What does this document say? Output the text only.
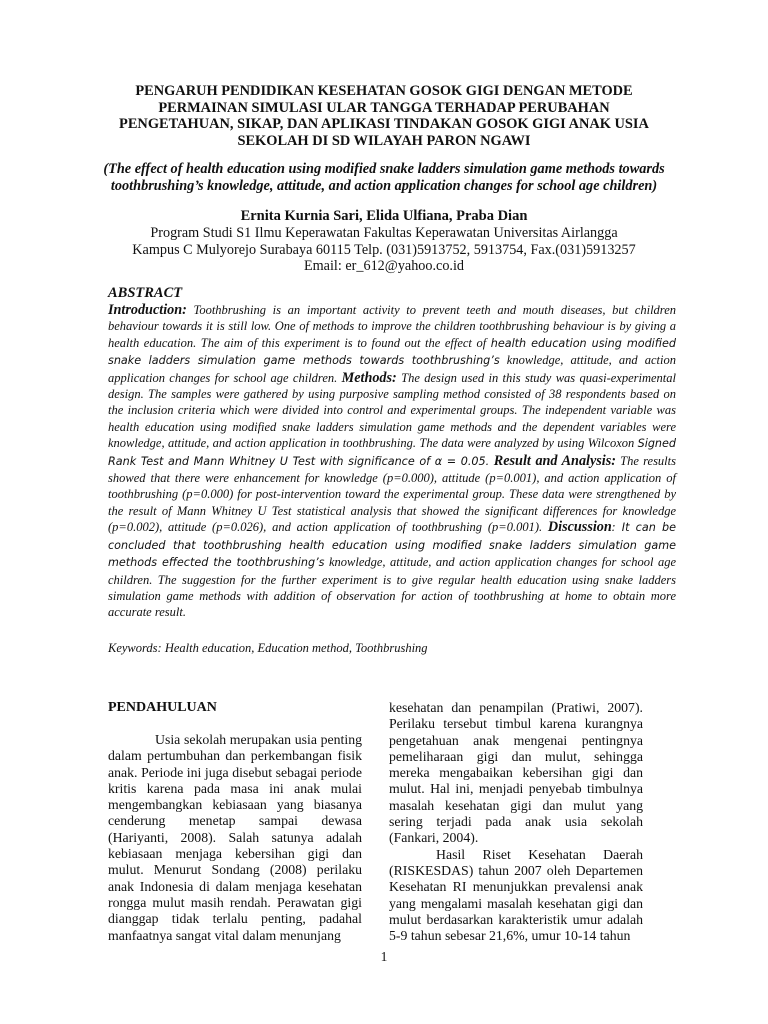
PENGARUH PENDIDIKAN KESEHATAN GOSOK GIGI DENGAN METODE PERMAINAN SIMULASI ULAR TANGGA TERHADAP PERUBAHAN PENGETAHUAN, SIKAP, DAN APLIKASI TINDAKAN GOSOK GIGI ANAK USIA SEKOLAH DI SD WILAYAH PARON NGAWI

(The effect of health education using modified snake ladders simulation game methods towards toothbrushing’s knowledge, attitude, and action application changes for school age children)

Ernita Kurnia Sari, Elida Ulfiana, Praba Dian

Program Studi S1 Ilmu Keperawatan Fakultas Keperawatan Universitas Airlangga
Kampus C Mulyorejo Surabaya 60115 Telp. (031)5913752, 5913754, Fax.(031)5913257
Email: er_612@yahoo.co.id

ABSTRACT

Introduction: Toothbrushing is an important activity to prevent teeth and mouth diseases, but children behaviour towards it is still low. One of methods to improve the children toothbrushing behaviour is by giving a health education. The aim of this experiment is to found out the effect of health education using modified snake ladders simulation game methods towards toothbrushing’s knowledge, attitude, and action application changes for school age children. Methods: The design used in this study was quasi-experimental design. The samples were gathered by using purposive sampling method consisted of 38 respondents based on the inclusion criteria which were divided into control and experimental groups. The independent variable was health education using modified snake ladders simulation game methods and the dependent variables were knowledge, attitude, and action application in toothbrushing. The data were analyzed by using Wilcoxon Signed Rank Test and Mann Whitney U Test with significance of α = 0.05. Result and Analysis: The results showed that there were enhancement for knowledge (p=0.000), attitude (p=0.001), and action application of toothbrushing (p=0.000) for post-intervention toward the experimental group. These data were strengthened by the result of Mann Whitney U Test statistical analysis that showed the significant differences for knowledge (p=0.002), attitude (p=0.026), and action application of toothbrushing (p=0.001). Discussion: It can be concluded that toothbrushing health education using modified snake ladders simulation game methods effected the toothbrushing’s knowledge, attitude, and action application changes for school age children. The suggestion for the further experiment is to give regular health education using snake ladders simulation game methods with addition of observation for action of toothbrushing at home to obtain more accurate result.

Keywords: Health education, Education method, Toothbrushing

PENDAHULUAN

Usia sekolah merupakan usia penting dalam pertumbuhan dan perkembangan fisik anak. Periode ini juga disebut sebagai periode kritis karena pada masa ini anak mulai mengembangkan kebiasaan yang biasanya cenderung menetap sampai dewasa (Hariyanti, 2008). Salah satunya adalah kebiasaan menjaga kebersihan gigi dan mulut. Menurut Sondang (2008) perilaku anak Indonesia di dalam menjaga kesehatan rongga mulut masih rendah. Perawatan gigi dianggap tidak terlalu penting, padahal manfaatnya sangat vital dalam menunjang

kesehatan dan penampilan (Pratiwi, 2007). Perilaku tersebut timbul karena kurangnya pengetahuan anak mengenai pentingnya pemeliharaan gigi dan mulut, sehingga mereka mengabaikan kebersihan gigi dan mulut. Hal ini, menjadi penyebab timbulnya masalah kesehatan gigi dan mulut yang sering terjadi pada anak usia sekolah (Fankari, 2004).

Hasil Riset Kesehatan Daerah (RISKESDAS) tahun 2007 oleh Departemen Kesehatan RI menunjukkan prevalensi anak yang mengalami masalah kesehatan gigi dan mulut berdasarkan karakteristik umur adalah 5-9 tahun sebesar 21,6%, umur 10-14 tahun

1
